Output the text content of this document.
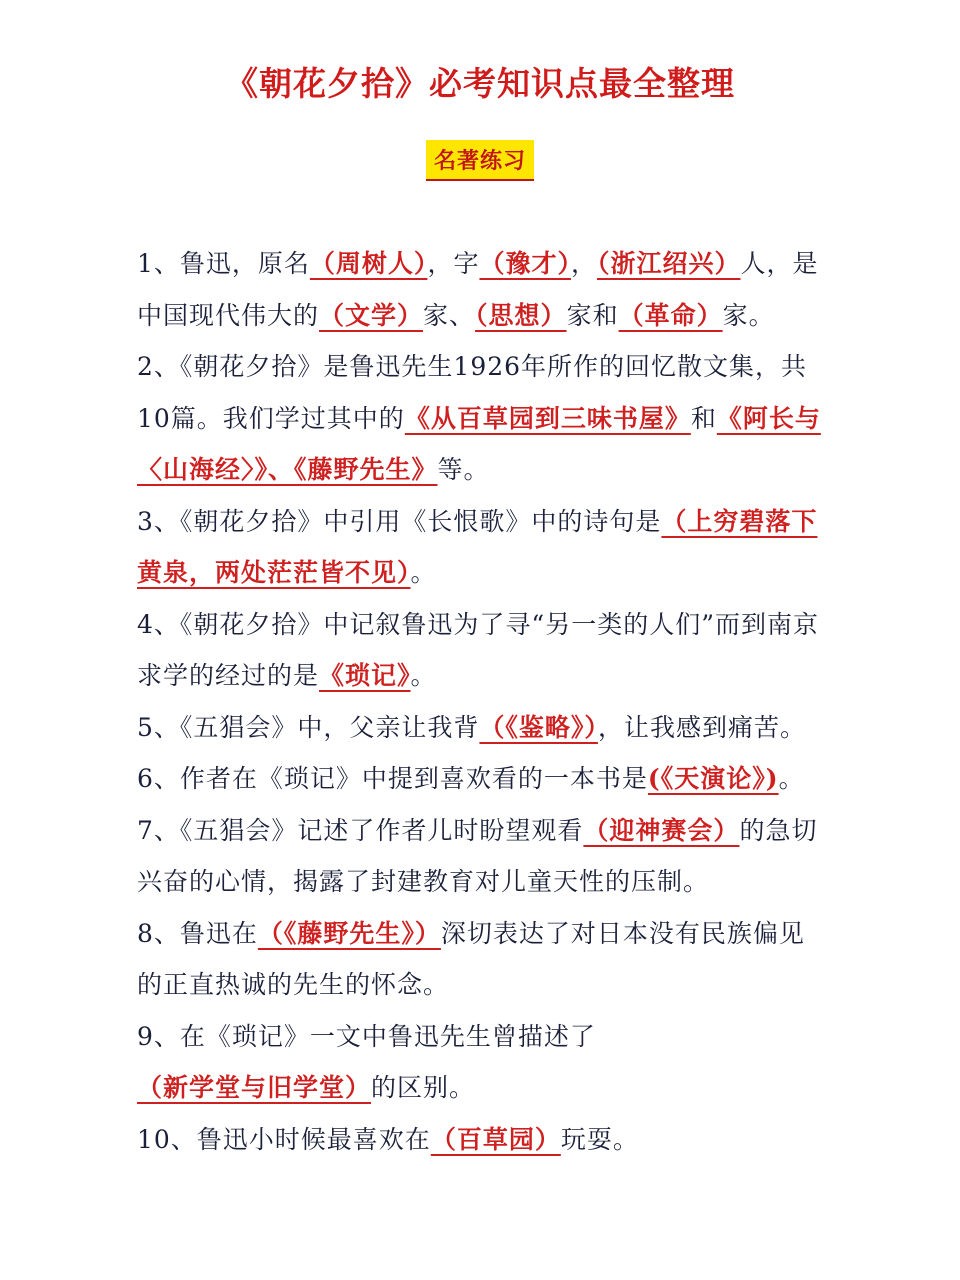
《朝花夕拾》必考知识点最全整理
名著练习

1、鲁迅，原名（周树人），字（豫才），（浙江绍兴）人，是中国现代伟大的（文学）家、（思想）家和（革命）家。

2、《朝花夕拾》是鲁迅先生1926年所作的回忆散文集，共10篇。我们学过其中的《从百草园到三味书屋》和《阿长与〈山海经〉》、《藤野先生》等。

3、《朝花夕拾》中引用《长恨歌》中的诗句是（上穷碧落下黄泉，两处茫茫皆不见）。

4、《朝花夕拾》中记叙鲁迅为了寻“另一类的人们”而到南京求学的经过的是《琐记》。

5、《五猖会》中，父亲让我背（《鉴略》），让我感到痛苦。

6、作者在《琐记》中提到喜欢看的一本书是(《天演论》)。

7、《五猖会》记述了作者儿时盼望观看（迎神赛会）的急切兴奋的心情，揭露了封建教育对儿童天性的压制。

8、鲁迅在（《藤野先生》）深切表达了对日本没有民族偏见的正直热诚的先生的怀念。

9、在《琐记》一文中鲁迅先生曾描述了（新学堂与旧学堂）的区别。

10、鲁迅小时候最喜欢在（百草园）玩耍。
